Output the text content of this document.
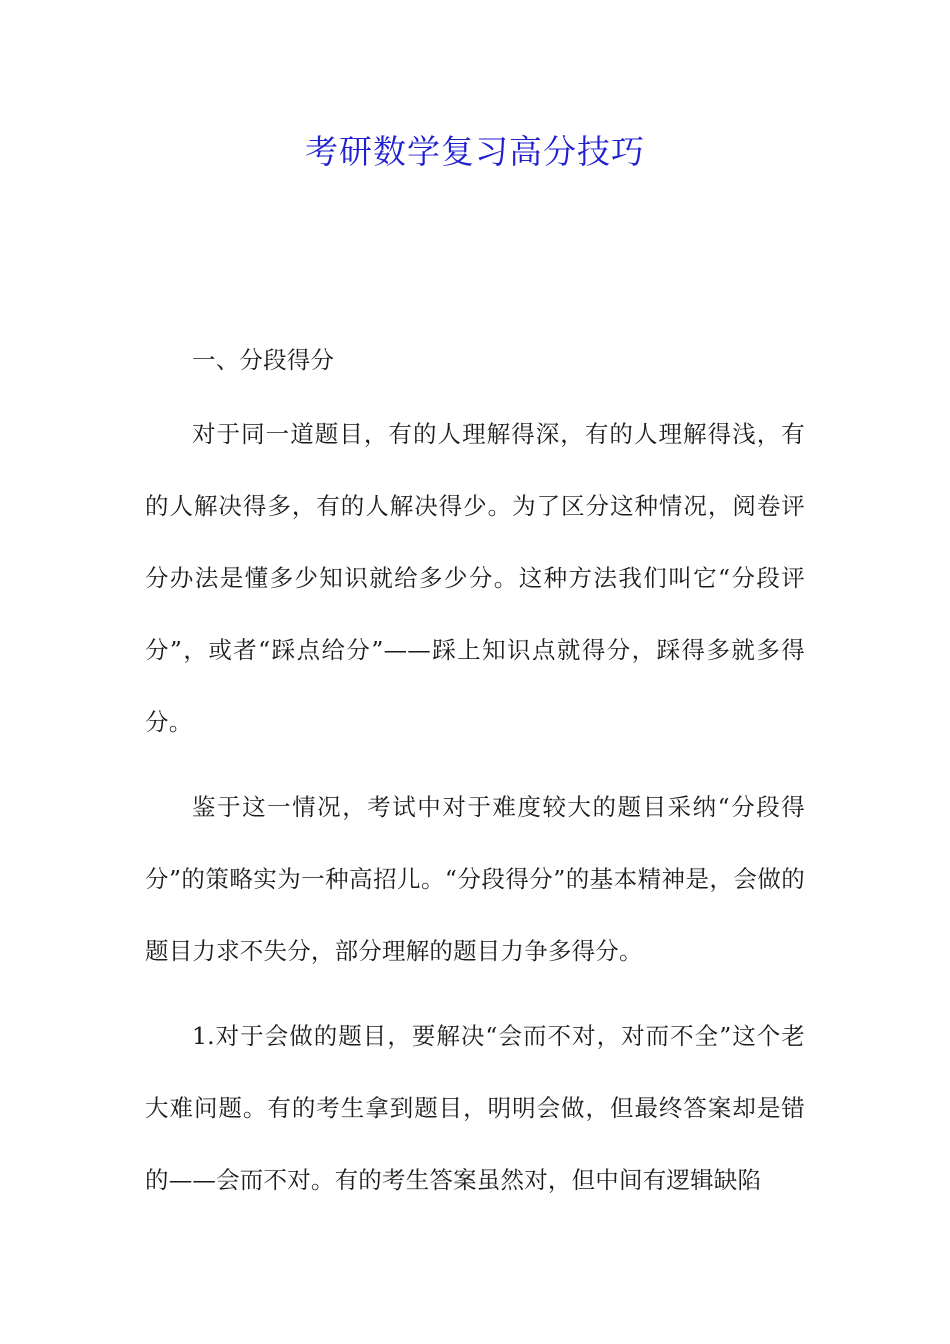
考研数学复习高分技巧

一、分段得分

对于同一道题目，有的人理解得深，有的人理解得浅，有的人解决得多，有的人解决得少。为了区分这种情况，阅卷评分办法是懂多少知识就给多少分。这种方法我们叫它“分段评分”，或者“踩点给分”——踩上知识点就得分，踩得多就多得分。

鉴于这一情况，考试中对于难度较大的题目采纳“分段得分”的策略实为一种高招儿。“分段得分”的基本精神是，会做的题目力求不失分，部分理解的题目力争多得分。

1.对于会做的题目，要解决“会而不对，对而不全”这个老大难问题。有的考生拿到题目，明明会做，但最终答案却是错的——会而不对。有的考生答案虽然对，但中间有逻辑缺陷
